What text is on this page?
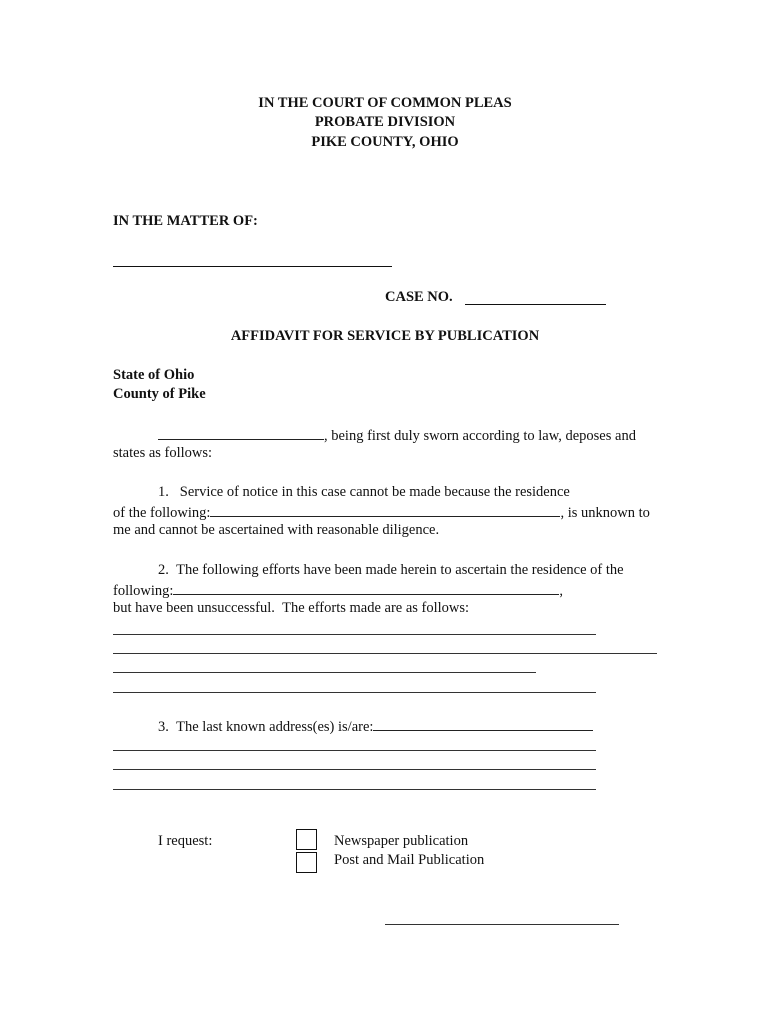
IN THE COURT OF COMMON PLEAS
PROBATE DIVISION
PIKE COUNTY, OHIO
IN THE MATTER OF:
CASE NO.
AFFIDAVIT FOR SERVICE BY PUBLICATION
State of Ohio
County of Pike
, being first duly sworn according to law, deposes and
states as follows:
1.   Service of notice in this case cannot be made because the residence
of the following:	, is unknown to
me and cannot be ascertained with reasonable diligence.
2.  The following efforts have been made herein to ascertain the residence of the
following:	,
but have been unsuccessful.  The efforts made are as follows:
3.  The last known address(es) is/are:
I request:	Newspaper publication
Post and Mail Publication
